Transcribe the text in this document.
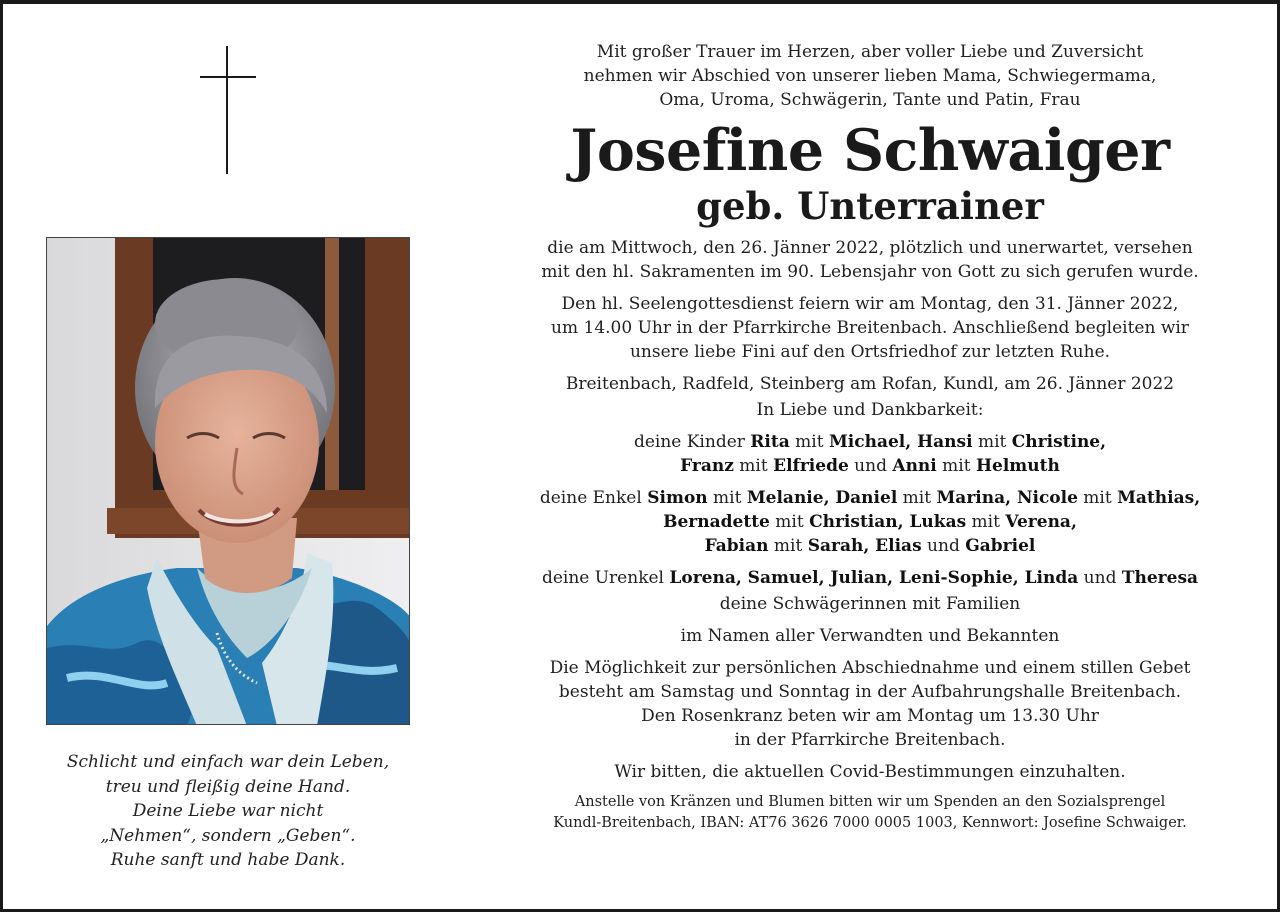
Schlicht und einfach war dein Leben,
treu und fleißig deine Hand.
Deine Liebe war nicht
„Nehmen“, sondern „Geben“.
Ruhe sanft und habe Dank.
Mit großer Trauer im Herzen, aber voller Liebe und Zuversicht
nehmen wir Abschied von unserer lieben Mama, Schwiegermama,
Oma, Uroma, Schwägerin, Tante und Patin, Frau
Josefine Schwaiger
geb. Unterrainer
die am Mittwoch, den 26. Jänner 2022, plötzlich und unerwartet, versehen
mit den hl. Sakramenten im 90. Lebensjahr von Gott zu sich gerufen wurde.
Den hl. Seelengottesdienst feiern wir am Montag, den 31. Jänner 2022,
um 14.00 Uhr in der Pfarrkirche Breitenbach. Anschließend begleiten wir
unsere liebe Fini auf den Ortsfriedhof zur letzten Ruhe.
Breitenbach, Radfeld, Steinberg am Rofan, Kundl, am 26. Jänner 2022
In Liebe und Dankbarkeit:
deine Kinder Rita mit Michael, Hansi mit Christine,
Franz mit Elfriede und Anni mit Helmuth
deine Enkel Simon mit Melanie, Daniel mit Marina, Nicole mit Mathias,
Bernadette mit Christian, Lukas mit Verena,
Fabian mit Sarah, Elias und Gabriel
deine Urenkel Lorena, Samuel, Julian, Leni-Sophie, Linda und Theresa
deine Schwägerinnen mit Familien
im Namen aller Verwandten und Bekannten
Die Möglichkeit zur persönlichen Abschiednahme und einem stillen Gebet
besteht am Samstag und Sonntag in der Aufbahrungshalle Breitenbach.
Den Rosenkranz beten wir am Montag um 13.30 Uhr
in der Pfarrkirche Breitenbach.
Wir bitten, die aktuellen Covid-Bestimmungen einzuhalten.
Anstelle von Kränzen und Blumen bitten wir um Spenden an den Sozialsprengel
Kundl-Breitenbach, IBAN: AT76 3626 7000 0005 1003, Kennwort: Josefine Schwaiger.
